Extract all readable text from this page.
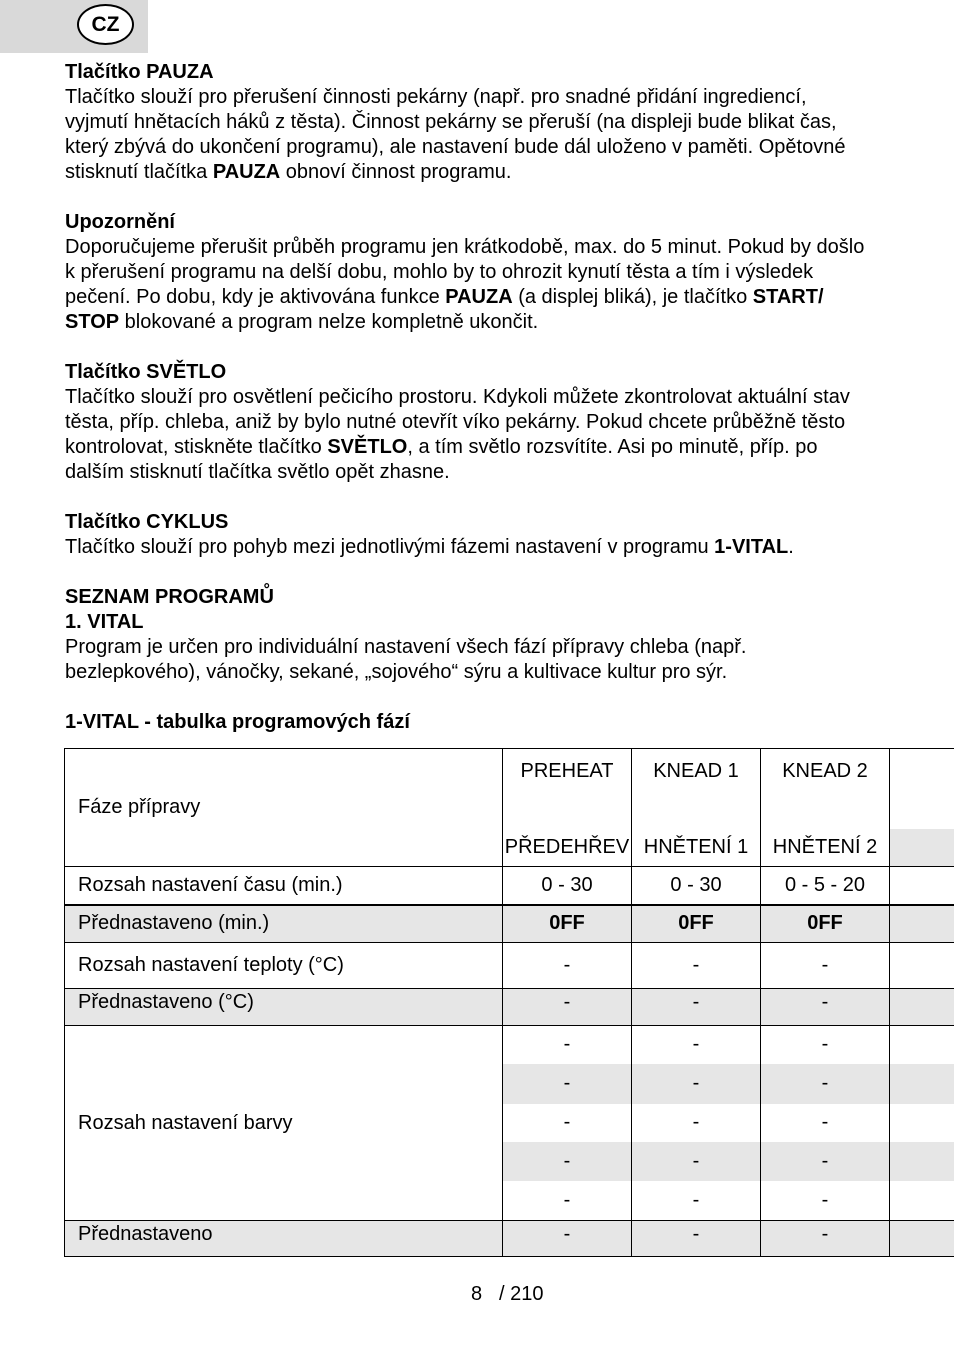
CZ
Tlačítko PAUZA
Tlačítko slouží pro přerušení činnosti pekárny (např. pro snadné přidání ingrediencí,
vyjmutí hnětacích háků z těsta). Činnost pekárny se přeruší (na displeji bude blikat čas,
který zbývá do ukončení programu), ale nastavení bude dál uloženo v paměti. Opětovné
stisknutí tlačítka PAUZA obnoví činnost programu.
Upozornění
Doporučujeme přerušit průběh programu jen krátkodobě, max. do 5 minut. Pokud by došlo
k přerušení programu na delší dobu, mohlo by to ohrozit kynutí těsta a tím i výsledek
pečení. Po dobu, kdy je aktivována funkce PAUZA (a displej bliká), je tlačítko START/
STOP blokované a program nelze kompletně ukončit.
Tlačítko SVĚTLO
Tlačítko slouží pro osvětlení pečicího prostoru. Kdykoli můžete zkontrolovat aktuální stav
těsta, příp. chleba, aniž by bylo nutné otevřít víko pekárny. Pokud chcete průběžně těsto
kontrolovat, stiskněte tlačítko SVĚTLO, a tím světlo rozsvítíte. Asi po minutě, příp. po
dalším stisknutí tlačítka světlo opět zhasne.
Tlačítko CYKLUS
Tlačítko slouží pro pohyb mezi jednotlivými fázemi nastavení v programu 1-VITAL.
SEZNAM PROGRAMŮ
1. VITAL
Program je určen pro individuální nastavení všech fází přípravy chleba (např.
bezlepkového), vánočky, sekané, „sojového“ sýru a kultivace kultur pro sýr.
1-VITAL - tabulka programových fází
Fáze přípravy	PREHEAT	KNEAD 1	KNEAD 2	
	PŘEDEHŘEV	HNĚTENÍ 1	HNĚTENÍ 2	
Rozsah nastavení času (min.)	0 - 30	0 - 30	0 - 5 - 20	
Přednastaveno (min.)	0FF	0FF	0FF	
Rozsah nastavení teploty (°C)	-	-	-	
Přednastaveno (°C)	-	-	-	
Rozsah nastavení barvy	-	-	-	
	-	-	-	
	-	-	-	
	-	-	-	
	-	-	-	
Přednastaveno	-	-	-	
8 / 210
